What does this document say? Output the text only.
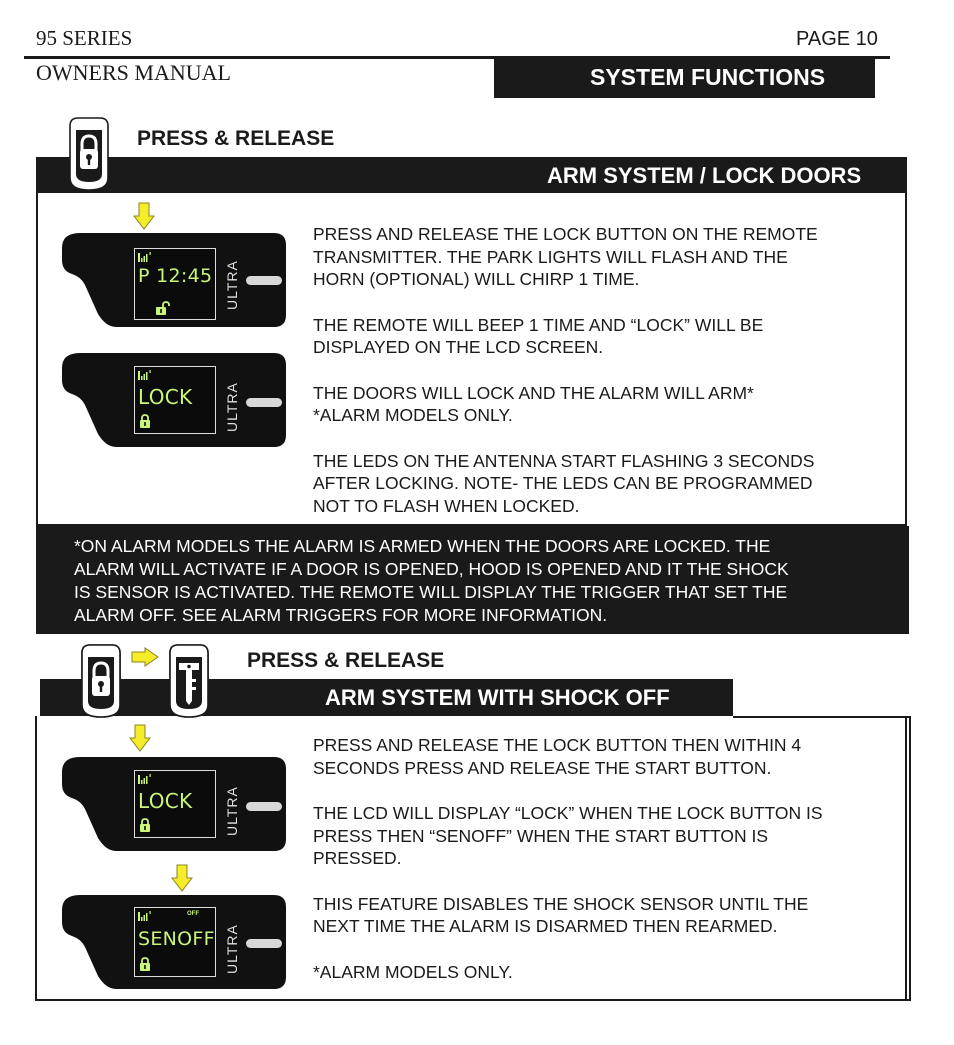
95 SERIES	PAGE 10
OWNERS MANUAL	SYSTEM FUNCTIONS
ARM SYSTEM / LOCK DOORS
PRESS & RELEASE
P 12:45 ULTRA
LOCK ULTRA
PRESS AND RELEASE THE LOCK BUTTON ON THE REMOTE
TRANSMITTER. THE PARK LIGHTS WILL FLASH AND THE
HORN (OPTIONAL) WILL CHIRP 1 TIME.
THE REMOTE WILL BEEP 1 TIME AND “LOCK” WILL BE
DISPLAYED ON THE LCD SCREEN.
THE DOORS WILL LOCK AND THE ALARM WILL ARM*
*ALARM MODELS ONLY.
THE LEDS ON THE ANTENNA START FLASHING 3 SECONDS
AFTER LOCKING. NOTE- THE LEDS CAN BE PROGRAMMED
NOT TO FLASH WHEN LOCKED.
*ON ALARM MODELS THE ALARM IS ARMED WHEN THE DOORS ARE LOCKED. THE
ALARM WILL ACTIVATE IF A DOOR IS OPENED, HOOD IS OPENED AND IT THE SHOCK
IS SENSOR IS ACTIVATED. THE REMOTE WILL DISPLAY THE TRIGGER THAT SET THE
ALARM OFF. SEE ALARM TRIGGERS FOR MORE INFORMATION.
PRESS & RELEASE
ARM SYSTEM WITH SHOCK OFF
LOCK ULTRA
OFF
SENOFF ULTRA
PRESS AND RELEASE THE LOCK BUTTON THEN WITHIN 4
SECONDS PRESS AND RELEASE THE START BUTTON.
THE LCD WILL DISPLAY “LOCK” WHEN THE LOCK BUTTON IS
PRESS THEN “SENOFF” WHEN THE START BUTTON IS
PRESSED.
THIS FEATURE DISABLES THE SHOCK SENSOR UNTIL THE
NEXT TIME THE ALARM IS DISARMED THEN REARMED.
*ALARM MODELS ONLY.
